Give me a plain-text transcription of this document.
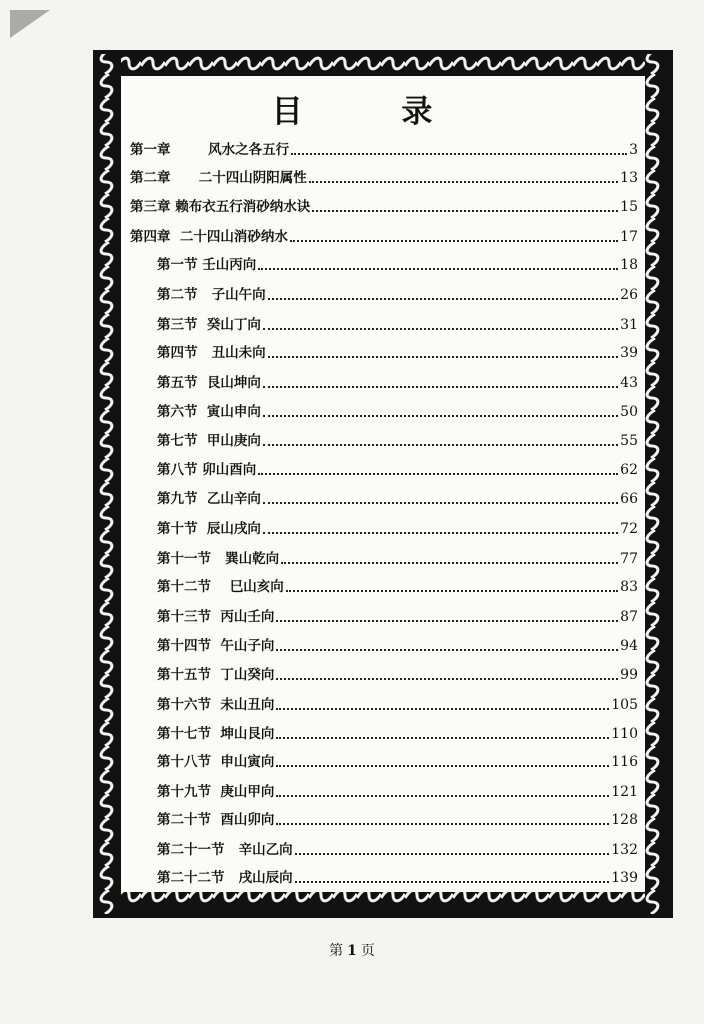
目 录
第一章        风水之各五行	3
第二章      二十四山阴阳属性	13
第三章 赖布衣五行消砂纳水诀	15
第四章  二十四山消砂纳水	17
第一节 壬山丙向	18
第二节   子山午向	26
第三节  癸山丁向	31
第四节   丑山未向	39
第五节  艮山坤向	43
第六节  寅山申向	50
第七节  甲山庚向	55
第八节 卯山酉向	62
第九节  乙山辛向	66
第十节  辰山戌向	72
第十一节   巽山乾向	77
第十二节    巳山亥向	83
第十三节  丙山壬向	87
第十四节  午山子向	94
第十五节  丁山癸向	99
第十六节  未山丑向	105
第十七节  坤山艮向	110
第十八节  申山寅向	116
第十九节  庚山甲向	121
第二十节  酉山卯向	128
第二十一节   辛山乙向	132
第二十二节   戌山辰向	139
第 1 页
